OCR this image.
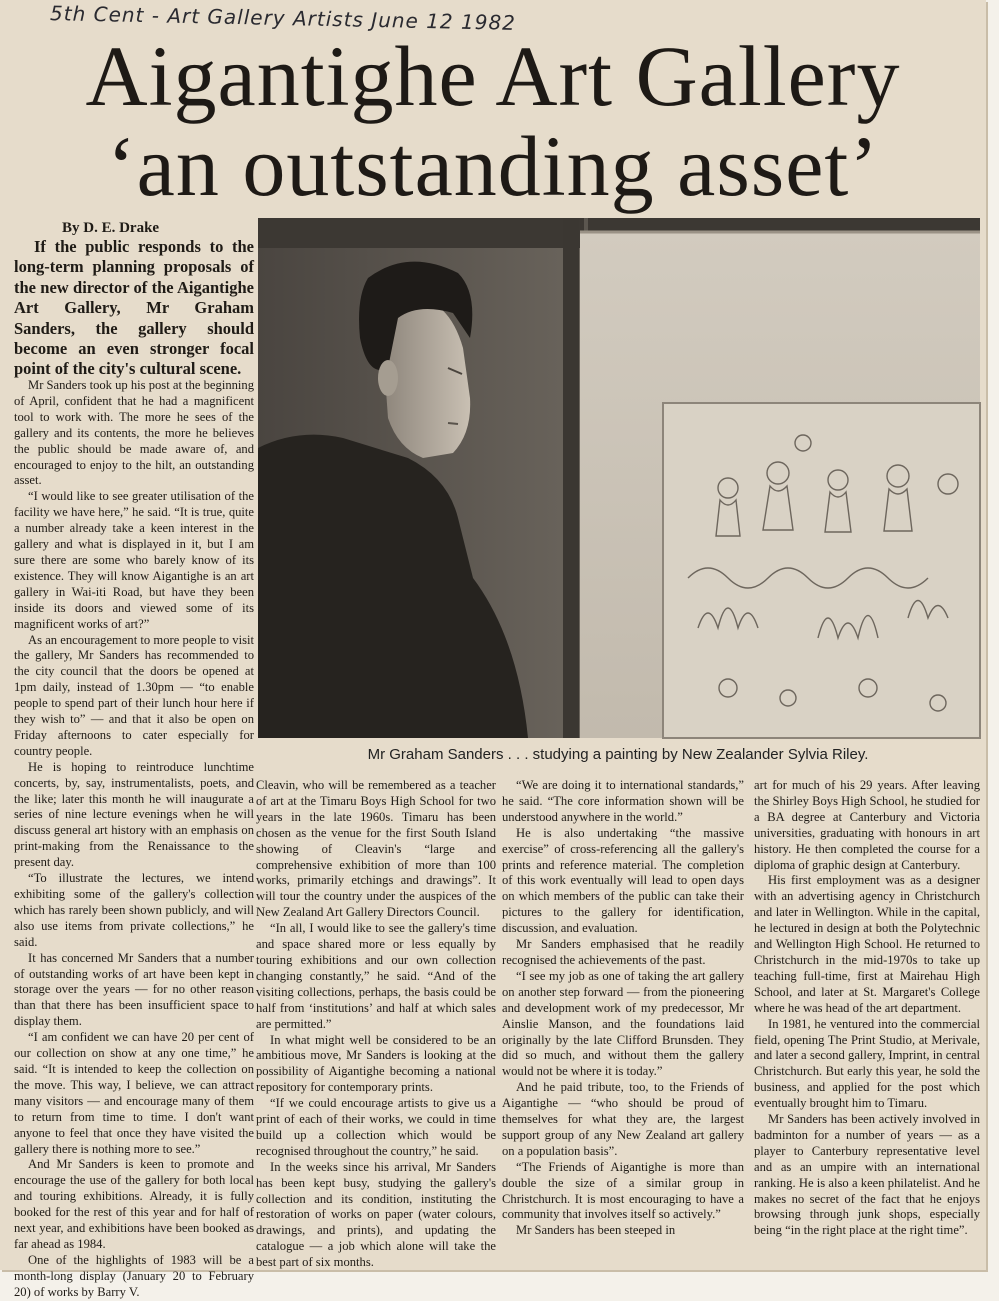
5th Cent - Art Gallery Artists June 12 1982
Aigantighe Art Gallery
‘an outstanding asset’
By D. E. Drake

If the public responds to the long-term planning proposals of the new director of the Aigantighe Art Gallery, Mr Graham Sanders, the gallery should become an even stronger focal point of the city's cultural scene.

Mr Graham Sanders . . . studying a painting by New Zealander Sylvia Riley.

Mr Sanders took up his post at the beginning of April, confident that he had a magnificent tool to work with. The more he sees of the gallery and its contents, the more he believes the public should be made aware of, and encouraged to enjoy to the hilt, an outstanding asset.

“I would like to see greater utilisation of the facility we have here,” he said. “It is true, quite a number already take a keen interest in the gallery and what is displayed in it, but I am sure there are some who barely know of its existence. They will know Aigantighe is an art gallery in Wai-iti Road, but have they been inside its doors and viewed some of its magnificent works of art?”

As an encouragement to more people to visit the gallery, Mr Sanders has recommended to the city council that the doors be opened at 1pm daily, instead of 1.30pm — “to enable people to spend part of their lunch hour here if they wish to” — and that it also be open on Friday afternoons to cater especially for country people.

He is hoping to reintroduce lunchtime concerts, by, say, instrumentalists, poets, and the like; later this month he will inaugurate a series of nine lecture evenings when he will discuss general art history with an emphasis on print-making from the Renaissance to the present day.

“To illustrate the lectures, we intend exhibiting some of the gallery's collection which has rarely been shown publicly, and will also use items from private collections,” he said.

It has concerned Mr Sanders that a number of outstanding works of art have been kept in storage over the years — for no other reason than that there has been insufficient space to display them.

“I am confident we can have 20 per cent of our collection on show at any one time,” he said. “It is intended to keep the collection on the move. This way, I believe, we can attract many visitors — and encourage many of them to return from time to time. I don't want anyone to feel that once they have visited the gallery there is nothing more to see.”

And Mr Sanders is keen to promote and encourage the use of the gallery for both local and touring exhibitions. Already, it is fully booked for the rest of this year and for half of next year, and exhibitions have been booked as far ahead as 1984.

One of the highlights of 1983 will be a month-long display (January 20 to February 20) of works by Barry V.

Cleavin, who will be remembered as a teacher of art at the Timaru Boys High School for two years in the late 1960s. Timaru has been chosen as the venue for the first South Island showing of Cleavin's “large and comprehensive exhibition of more than 100 works, primarily etchings and drawings”. It will tour the country under the auspices of the New Zealand Art Gallery Directors Council.

“In all, I would like to see the gallery's time and space shared more or less equally by touring exhibitions and our own collection changing constantly,” he said. “And of the visiting collections, perhaps, the basis could be half from ‘institutions’ and half at which sales are permitted.”

In what might well be considered to be an ambitious move, Mr Sanders is looking at the possibility of Aigantighe becoming a national repository for contemporary prints.

“If we could encourage artists to give us a print of each of their works, we could in time build up a collection which would be recognised throughout the country,” he said.

In the weeks since his arrival, Mr Sanders has been kept busy, studying the gallery's collection and its condition, instituting the restoration of works on paper (water colours, drawings, and prints), and updating the catalogue — a job which alone will take the best part of six months.

“We are doing it to international standards,” he said. “The core information shown will be understood anywhere in the world.”

He is also undertaking “the massive exercise” of cross-referencing all the gallery's prints and reference material. The completion of this work eventually will lead to open days on which members of the public can take their pictures to the gallery for identification, discussion, and evaluation.

Mr Sanders emphasised that he readily recognised the achievements of the past.

“I see my job as one of taking the art gallery on another step forward — from the pioneering and development work of my predecessor, Mr Ainslie Manson, and the foundations laid originally by the late Clifford Brunsden. They did so much, and without them the gallery would not be where it is today.”

And he paid tribute, too, to the Friends of Aigantighe — “who should be proud of themselves for what they are, the largest support group of any New Zealand art gallery on a population basis”.

“The Friends of Aigantighe is more than double the size of a similar group in Christchurch. It is most encouraging to have a community that involves itself so actively.”

Mr Sanders has been steeped in

art for much of his 29 years. After leaving the Shirley Boys High School, he studied for a BA degree at Canterbury and Victoria universities, graduating with honours in art history. He then completed the course for a diploma of graphic design at Canterbury.

His first employment was as a designer with an advertising agency in Christchurch and later in Wellington. While in the capital, he lectured in design at both the Polytechnic and Wellington High School. He returned to Christchurch in the mid-1970s to take up teaching full-time, first at Mairehau High School, and later at St. Margaret's College where he was head of the art department.

In 1981, he ventured into the commercial field, opening The Print Studio, at Merivale, and later a second gallery, Imprint, in central Christchurch. But early this year, he sold the business, and applied for the post which eventually brought him to Timaru.

Mr Sanders has been actively involved in badminton for a number of years — as a player to Canterbury representative level and as an umpire with an international ranking. He is also a keen philatelist. And he makes no secret of the fact that he enjoys browsing through junk shops, especially being “in the right place at the right time”.
